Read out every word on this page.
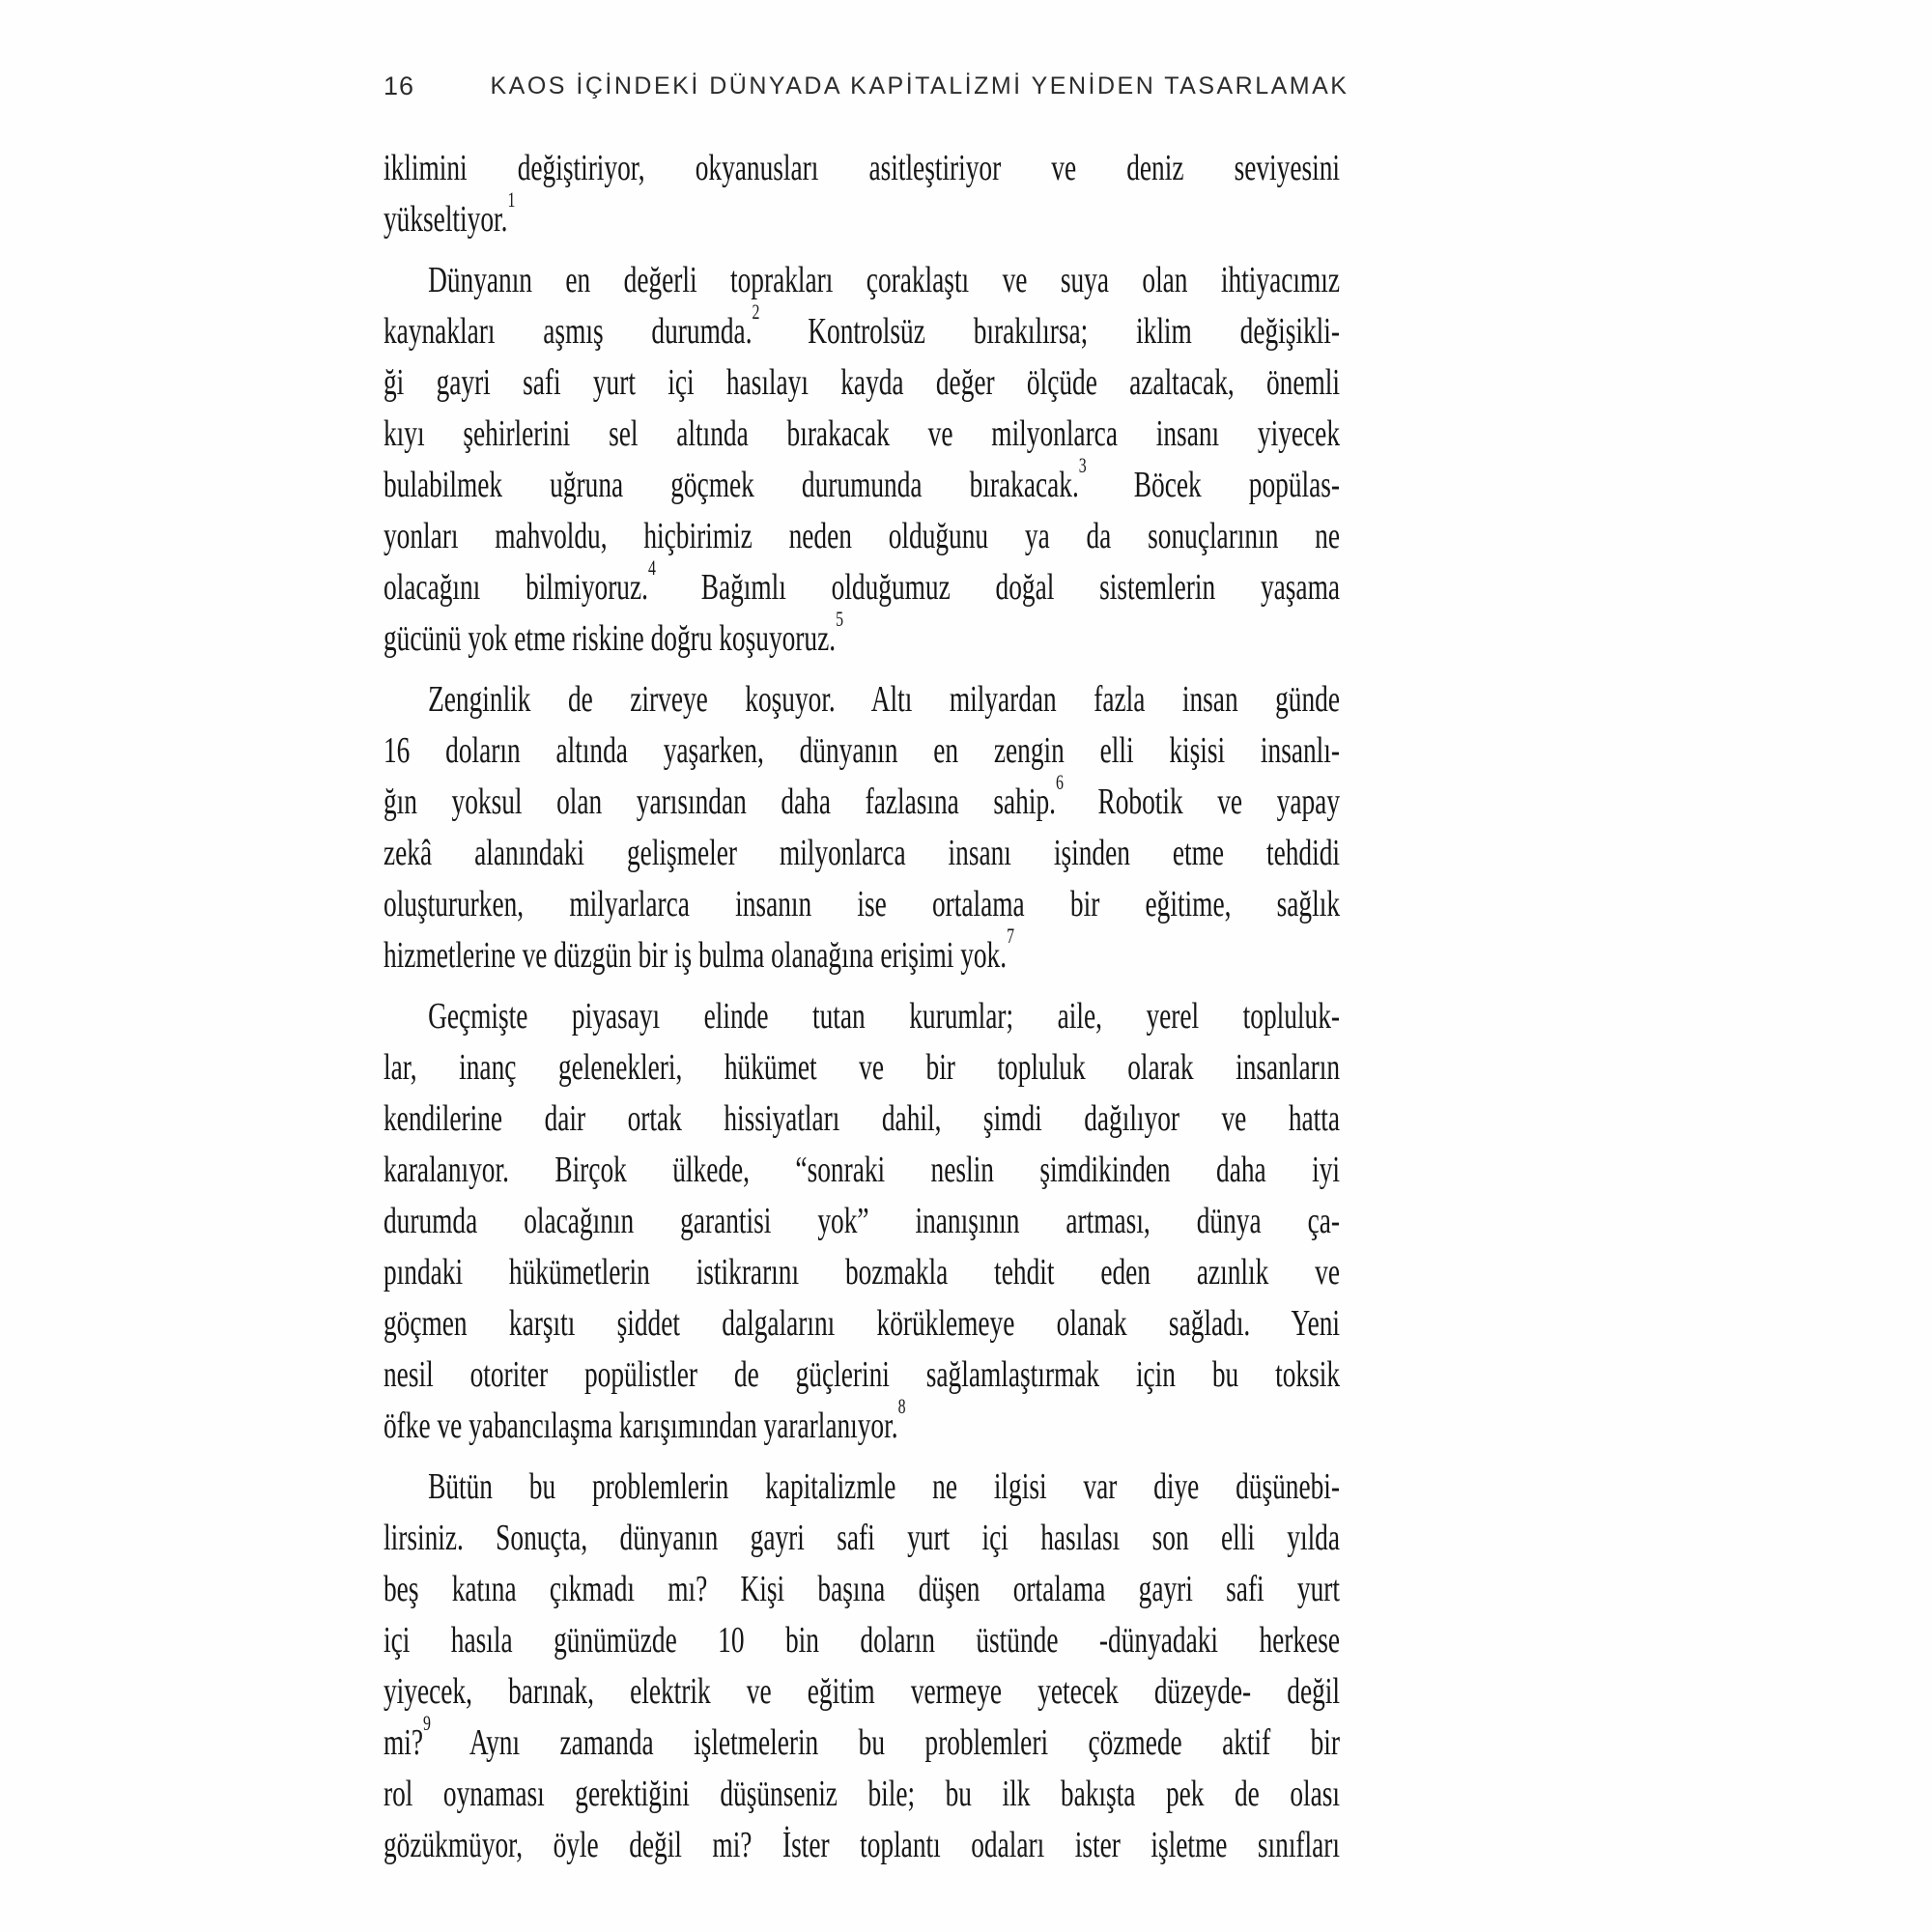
16	KAOS İÇİNDEKİ DÜNYADA KAPİTALİZMİ YENİDEN TASARLAMAK
iklimini değiştiriyor, okyanusları asitleştiriyor ve deniz seviyesini
yükseltiyor.$^1$
Dünyanın en değerli toprakları çoraklaştı ve suya olan ihtiyacımız
kaynakları aşmış durumda.$^2$ Kontrolsüz bırakılırsa; iklim değişikli-
ği gayri safi yurt içi hasılayı kayda değer ölçüde azaltacak, önemli
kıyı şehirlerini sel altında bırakacak ve milyonlarca insanı yiyecek
bulabilmek uğruna göçmek durumunda bırakacak.$^3$ Böcek popülas-
yonları mahvoldu, hiçbirimiz neden olduğunu ya da sonuçlarının ne
olacağını bilmiyoruz.$^4$ Bağımlı olduğumuz doğal sistemlerin yaşama
gücünü yok etme riskine doğru koşuyoruz.$^5$
Zenginlik de zirveye koşuyor. Altı milyardan fazla insan günde
16 doların altında yaşarken, dünyanın en zengin elli kişisi insanlı-
ğın yoksul olan yarısından daha fazlasına sahip.$^6$ Robotik ve yapay
zekâ alanındaki gelişmeler milyonlarca insanı işinden etme tehdidi
oluştururken, milyarlarca insanın ise ortalama bir eğitime, sağlık
hizmetlerine ve düzgün bir iş bulma olanağına erişimi yok.$^7$
Geçmişte piyasayı elinde tutan kurumlar; aile, yerel topluluk-
lar, inanç gelenekleri, hükümet ve bir topluluk olarak insanların
kendilerine dair ortak hissiyatları dahil, şimdi dağılıyor ve hatta
karalanıyor. Birçok ülkede, “sonraki neslin şimdikinden daha iyi
durumda olacağının garantisi yok” inanışının artması, dünya ça-
pındaki hükümetlerin istikrarını bozmakla tehdit eden azınlık ve
göçmen karşıtı şiddet dalgalarını körüklemeye olanak sağladı. Yeni
nesil otoriter popülistler de güçlerini sağlamlaştırmak için bu toksik
öfke ve yabancılaşma karışımından yararlanıyor.$^8$
Bütün bu problemlerin kapitalizmle ne ilgisi var diye düşünebi-
lirsiniz. Sonuçta, dünyanın gayri safi yurt içi hasılası son elli yılda
beş katına çıkmadı mı? Kişi başına düşen ortalama gayri safi yurt
içi hasıla günümüzde 10 bin doların üstünde -dünyadaki herkese
yiyecek, barınak, elektrik ve eğitim vermeye yetecek düzeyde- değil
mi?$^9$ Aynı zamanda işletmelerin bu problemleri çözmede aktif bir
rol oynaması gerektiğini düşünseniz bile; bu ilk bakışta pek de olası
gözükmüyor, öyle değil mi? İster toplantı odaları ister işletme sınıfları
